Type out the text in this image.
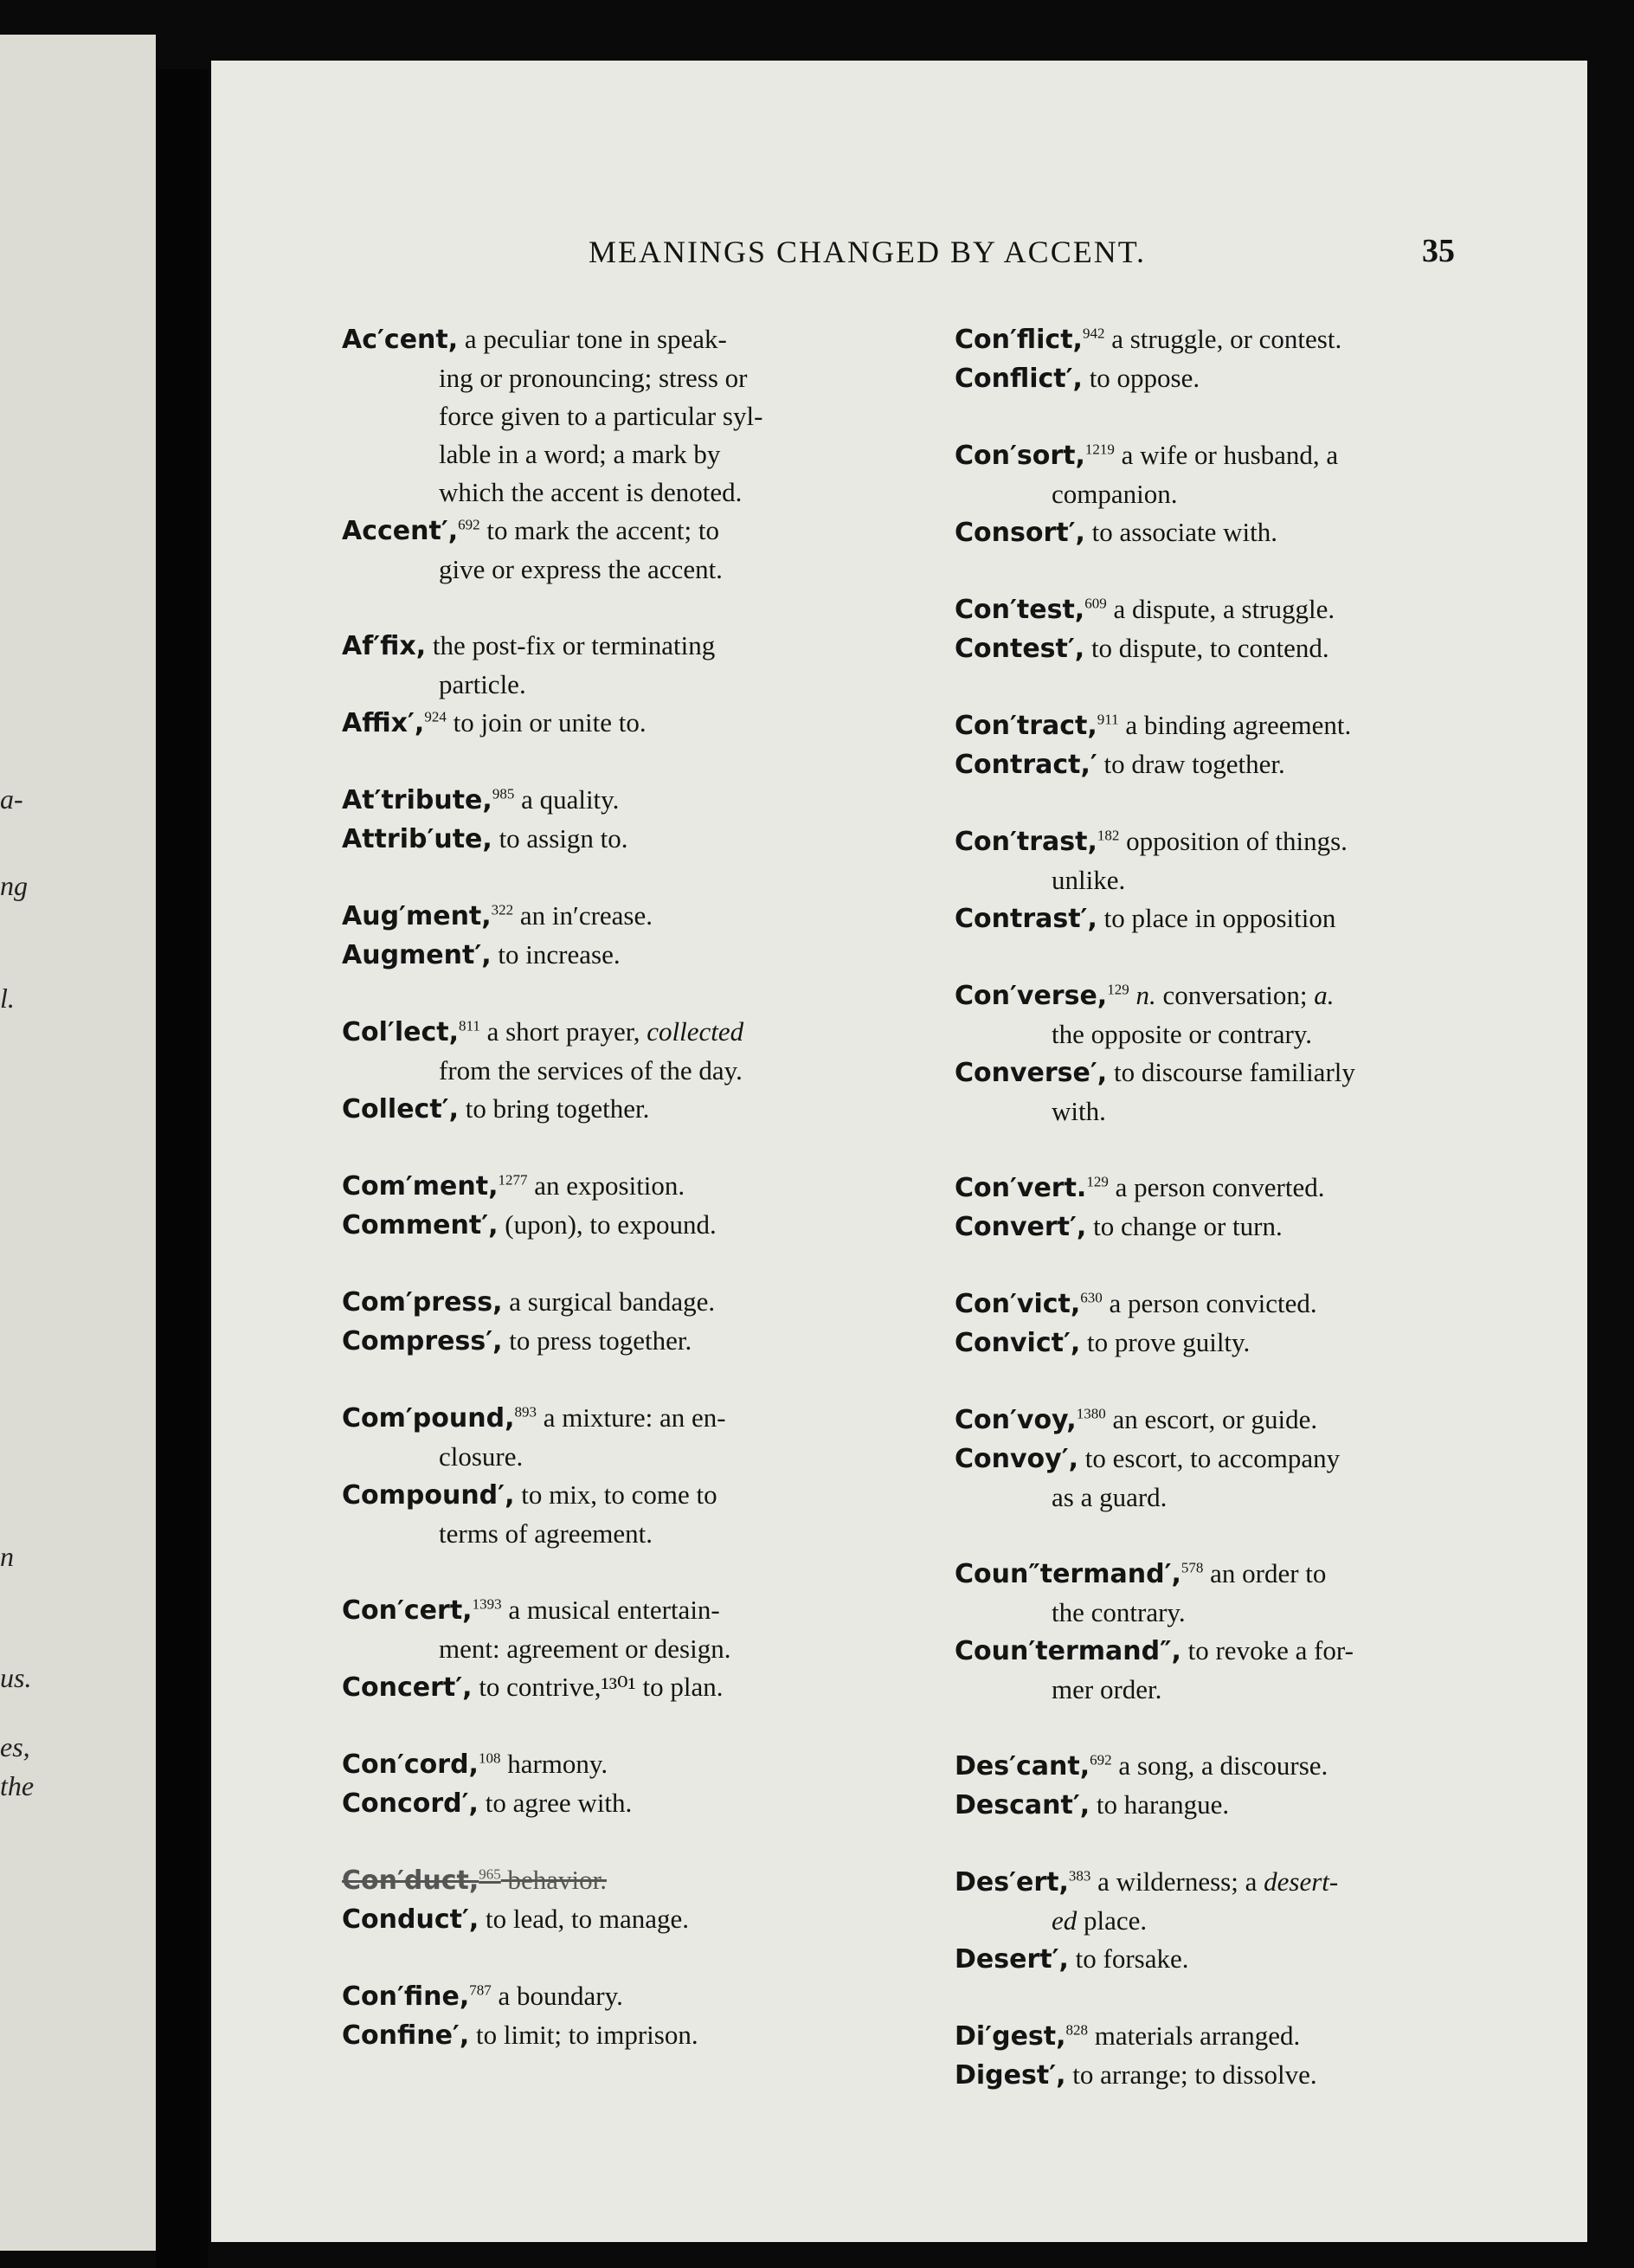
a-
ng
l.
n
us.
es,
the
MEANINGS CHANGED BY ACCENT.	35

Ac′cent, a peculiar tone in speak-

ing or pronouncing; stress or

force given to a particular syl-

lable in a word; a mark by

which the accent is denoted.

Accent′,$^{692}$ to mark the accent; to

give or express the accent.

Af′fix, the post-fix or terminating

particle.

Affix′,$^{924}$ to join or unite to.

At′tribute,$^{985}$ a quality.

Attrib′ute, to assign to.

Aug′ment,$^{322}$ an in′crease.

Augment′, to increase.

Col′lect,$^{811}$ a short prayer, collected

from the services of the day.

Collect′, to bring together.

Com′ment,$^{1277}$ an exposition.

Comment′, (upon), to expound.

Com′press, a surgical bandage.

Compress′, to press together.

Com′pound,$^{893}$ a mixture: an en-

closure.

Compound′, to mix, to come to

terms of agreement.

Con′cert,$^{1393}$ a musical entertain-

ment: agreement or design.

Concert′, to contrive,¹³⁰¹ to plan.

Con′cord,$^{108}$ harmony.

Concord′, to agree with.

Con′duct,$^{965}$ behavior.

Conduct′, to lead, to manage.

Con′fine,$^{787}$ a boundary.

Confine′, to limit; to imprison.

Con′flict,$^{942}$ a struggle, or contest.

Conflict′, to oppose.

Con′sort,$^{1219}$ a wife or husband, a

companion.

Consort′, to associate with.

Con′test,$^{609}$ a dispute, a struggle.

Contest′, to dispute, to contend.

Con′tract,$^{911}$ a binding agreement.

Contract,′ to draw together.

Con′trast,$^{182}$ opposition of things.

unlike.

Contrast′, to place in opposition

Con′verse,$^{129}$ n. conversation; a.

the opposite or contrary.

Converse′, to discourse familiarly

with.

Con′vert.$^{129}$ a person converted.

Convert′, to change or turn.

Con′vict,$^{630}$ a person convicted.

Convict′, to prove guilty.

Con′voy,$^{1380}$ an escort, or guide.

Convoy′, to escort, to accompany

as a guard.

Coun″termand′,$^{578}$ an order to

the contrary.

Coun′termand″, to revoke a for-

mer order.

Des′cant,$^{692}$ a song, a discourse.

Descant′, to harangue.

Des′ert,$^{383}$ a wilderness; a desert-

ed place.

Desert′, to forsake.

Di′gest,$^{828}$ materials arranged.

Digest′, to arrange; to dissolve.
